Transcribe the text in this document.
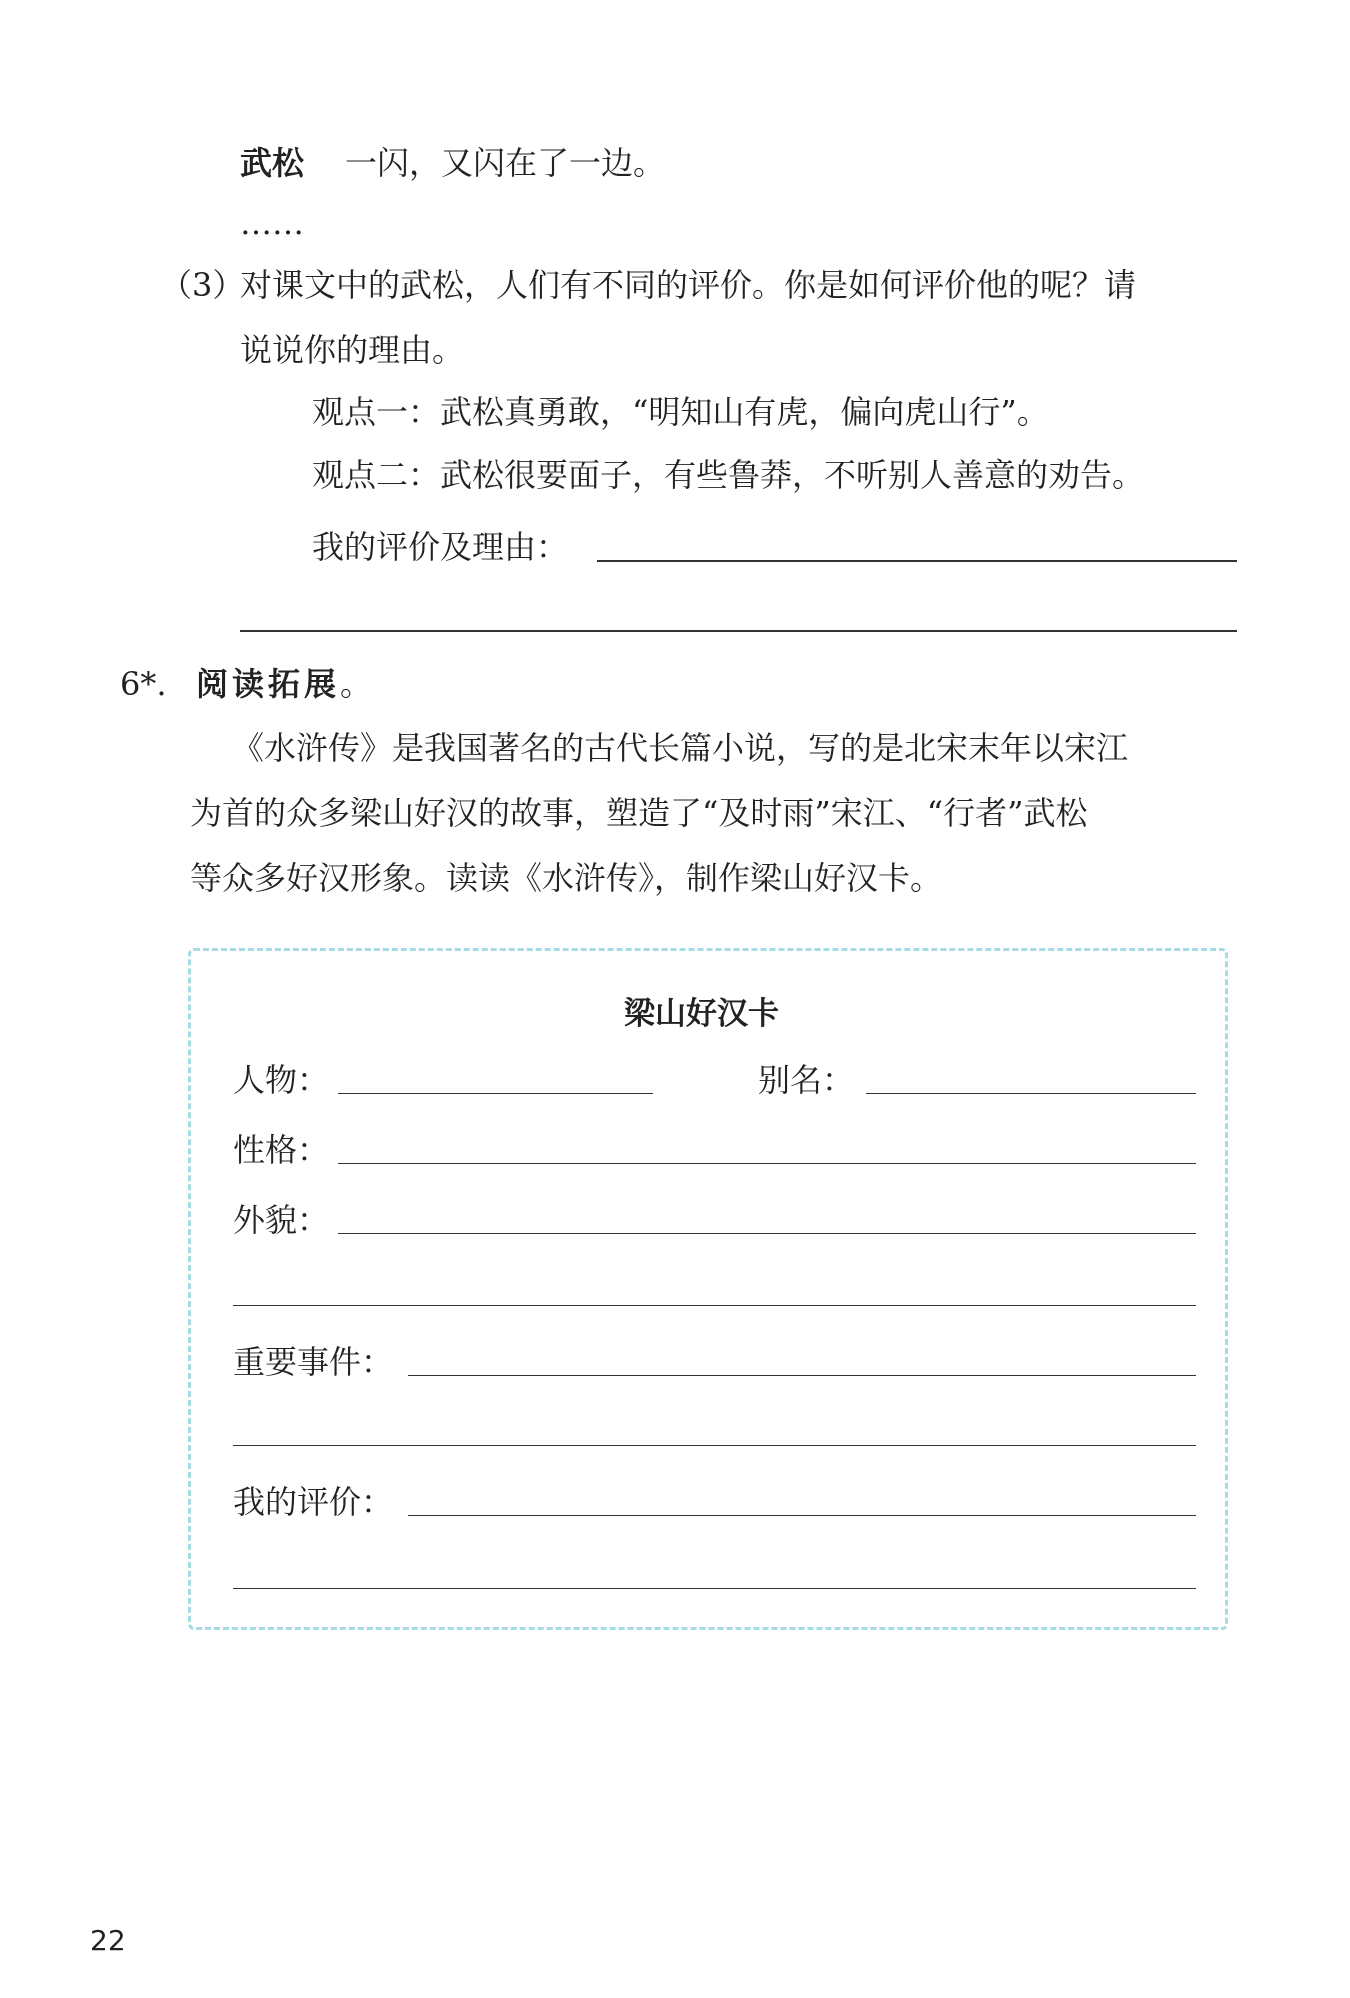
武松 一闪，又闪在了一边。
……
（3）
对课文中的武松，人们有不同的评价。你是如何评价他的呢？请
说说你的理由。
观点一：武松真勇敢，“明知山有虎，偏向虎山行”。
观点二：武松很要面子，有些鲁莽，不听别人善意的劝告。
我的评价及理由：
6*. 阅读拓展。
《水浒传》是我国著名的古代长篇小说，写的是北宋末年以宋江
为首的众多梁山好汉的故事，塑造了“及时雨”宋江、“行者”武松
等众多好汉形象。读读《水浒传》，制作梁山好汉卡。
梁山好汉卡
人物：	别名：
性格：
外貌：
重要事件：
我的评价：
22
